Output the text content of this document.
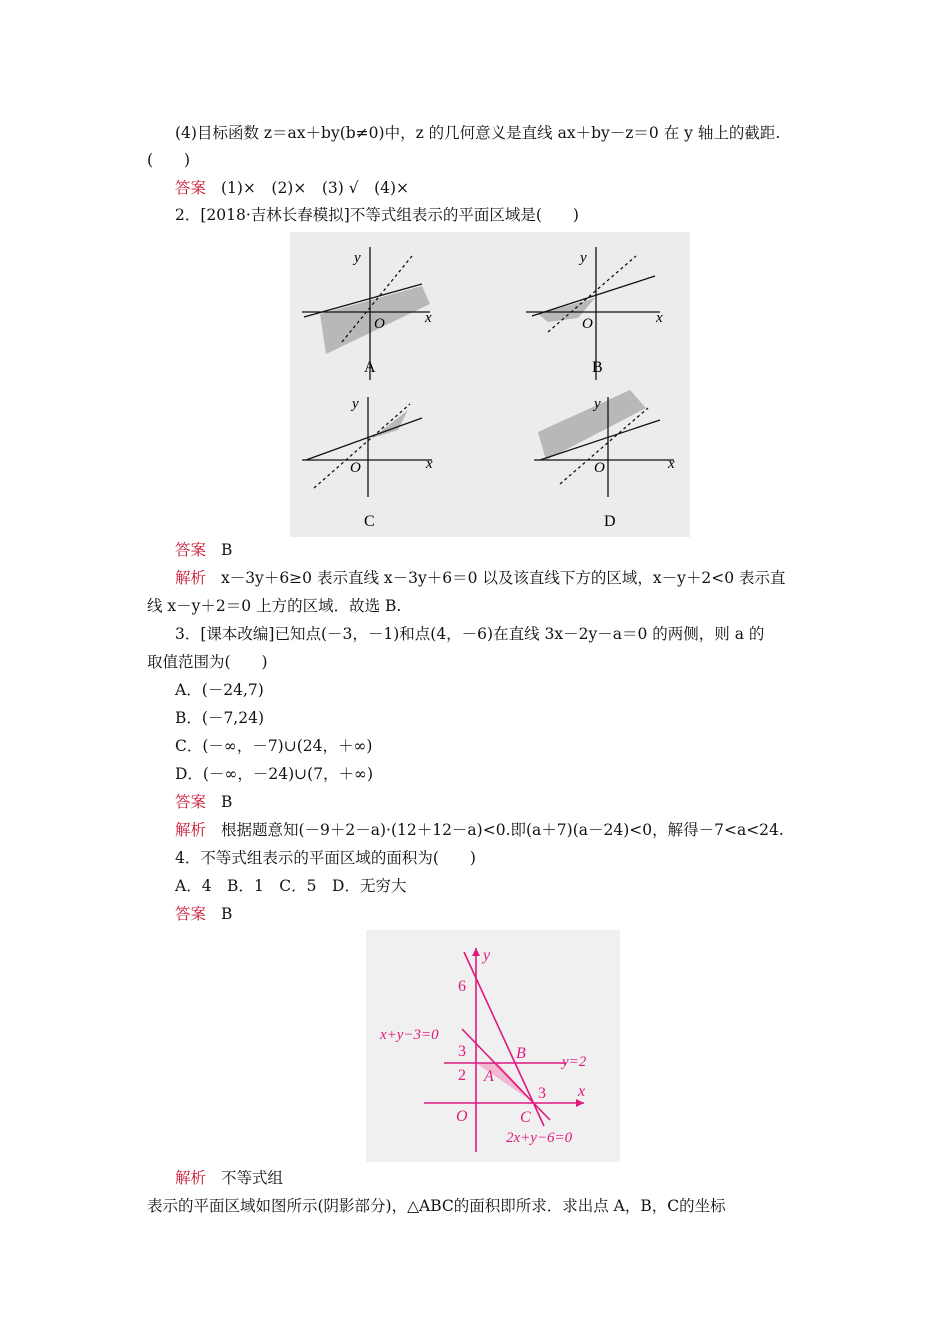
(4)目标函数 z＝ax＋by(b≠0)中，z 的几何意义是直线 ax＋by－z＝0 在 y 轴上的截距.
(　　)
答案 (1)×　(2)×　(3) √　(4)×
2．[2018·吉林长春模拟]不等式组表示的平面区域是(　　)
y
x
O
A
y
x
O
B
y
x
O
C
y
x
O
D
答案 B
解析 x－3y＋6≥0 表示直线 x－3y＋6＝0 以及该直线下方的区域，x－y＋2<0 表示直
线 x－y＋2＝0 上方的区域．故选 B.
3．[课本改编]已知点(－3，－1)和点(4，－6)在直线 3x－2y－a＝0 的两侧，则 a 的
取值范围为(　　)
A．(－24,7)
B．(－7,24)
C．(－∞，－7)∪(24，＋∞)
D．(－∞，－24)∪(7，＋∞)
答案 B
解析 根据题意知(－9＋2－a)·(12＋12－a)<0.即(a＋7)(a－24)<0，解得－7<a<24.
4．不等式组表示的平面区域的面积为(　　)
A．4　B．1　C．5　D．无穷大
答案 B
y
x
O
6
3
2
3
A
B
C
x+y−3=0
y=2
2x+y−6=0
解析 不等式组
表示的平面区域如图所示(阴影部分)，△ABC的面积即所求．求出点 A，B，C的坐标
